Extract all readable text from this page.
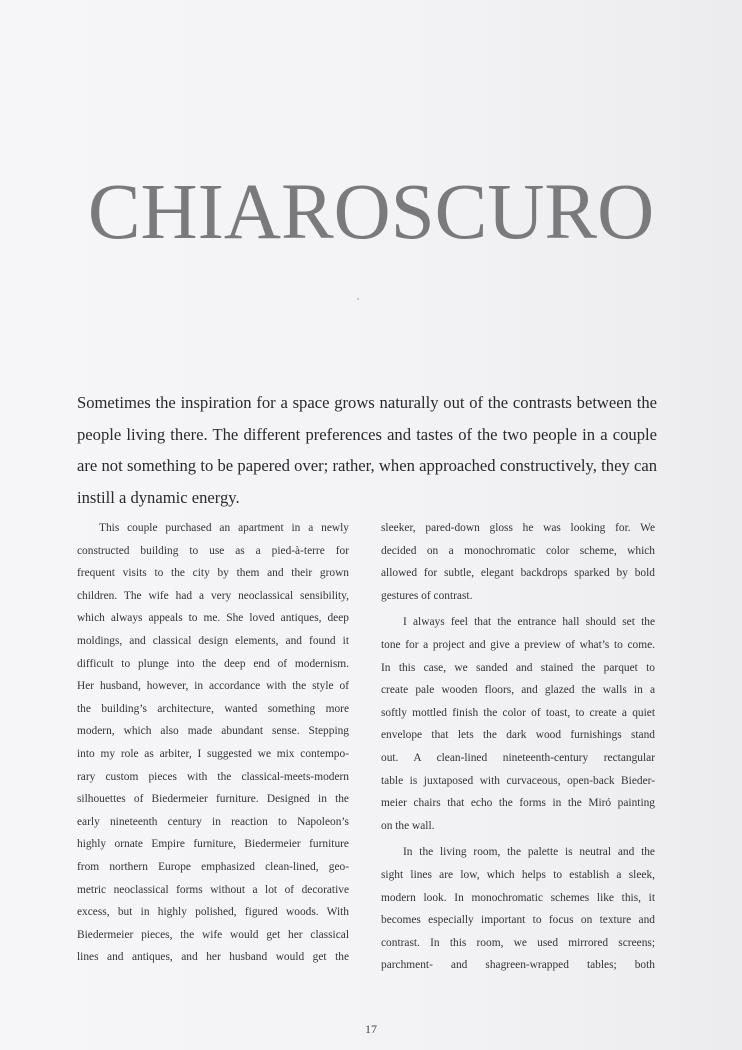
CHIAROSCURO

Sometimes the inspiration for a space grows naturally out of the contrasts between the people living there. The different preferences and tastes of the two people in a couple are not something to be papered over; rather, when approached constructively, they can instill a dynamic energy.

This couple purchased an apartment in a newly
constructed building to use as a pied-à-terre for
frequent visits to the city by them and their grown
children. The wife had a very neoclassical sensibility,
which always appeals to me. She loved antiques, deep
moldings, and classical design elements, and found it
difficult to plunge into the deep end of modernism.
Her husband, however, in accordance with the style of
the building’s architecture, wanted something more
modern, which also made abundant sense. Stepping
into my role as arbiter, I suggested we mix contempo-
rary custom pieces with the classical-meets-modern
silhouettes of Biedermeier furniture. Designed in the
early nineteenth century in reaction to Napoleon’s
highly ornate Empire furniture, Biedermeier furniture
from northern Europe emphasized clean-lined, geo-
metric neoclassical forms without a lot of decorative
excess, but in highly polished, figured woods. With
Biedermeier pieces, the wife would get her classical
lines and antiques, and her husband would get the
sleeker, pared-down gloss he was looking for. We
decided on a monochromatic color scheme, which
allowed for subtle, elegant backdrops sparked by bold
gestures of contrast.
I always feel that the entrance hall should set the
tone for a project and give a preview of what’s to come.
In this case, we sanded and stained the parquet to
create pale wooden floors, and glazed the walls in a
softly mottled finish the color of toast, to create a quiet
envelope that lets the dark wood furnishings stand
out. A clean-lined nineteenth-century rectangular
table is juxtaposed with curvaceous, open-back Bieder-
meier chairs that echo the forms in the Miró painting
on the wall.
In the living room, the palette is neutral and the
sight lines are low, which helps to establish a sleek,
modern look. In monochromatic schemes like this, it
becomes especially important to focus on texture and
contrast. In this room, we used mirrored screens;
parchment- and shagreen-wrapped tables; both
17
